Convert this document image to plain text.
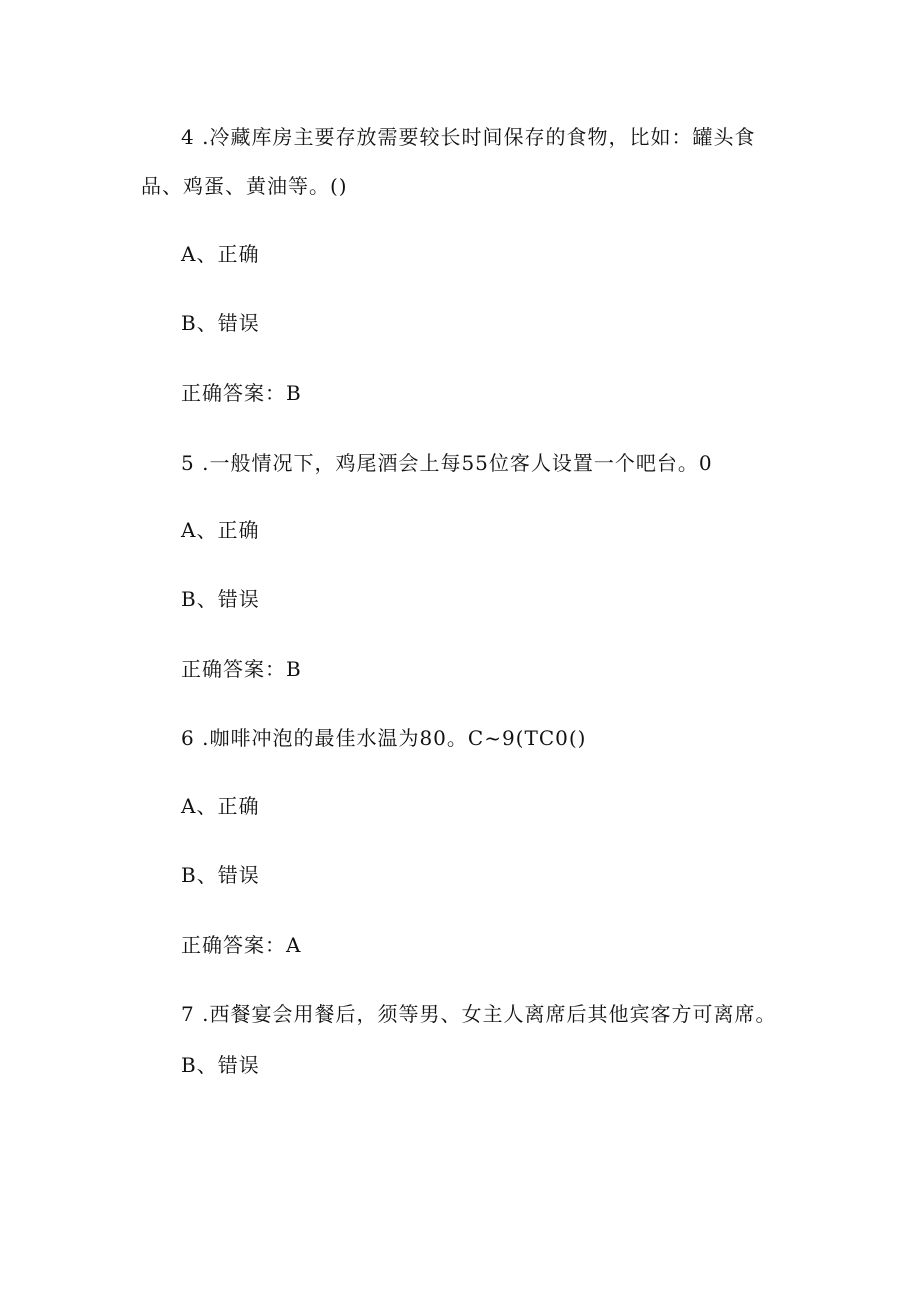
4 .冷藏库房主要存放需要较长时间保存的食物，比如：罐头食
品、鸡蛋、黄油等。()
A、正确
B、错误
正确答案：B
5 .一般情况下，鸡尾酒会上每55位客人设置一个吧台。0
A、正确
B、错误
正确答案：B
6 .咖啡冲泡的最佳水温为80。C~9(TC0()
A、正确
B、错误
正确答案：A
7 .西餐宴会用餐后，须等男、女主人离席后其他宾客方可离席。
B、错误
